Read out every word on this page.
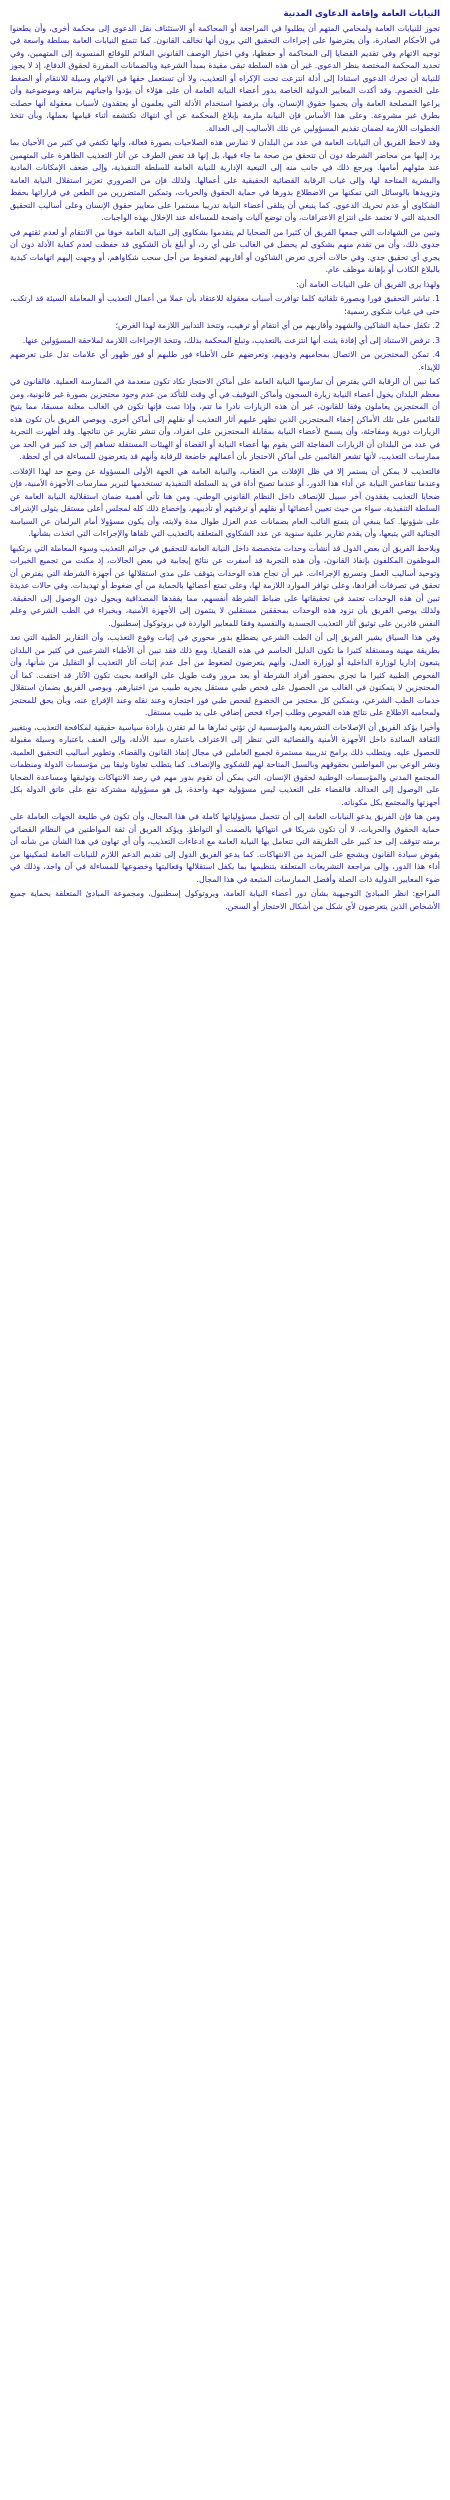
النيابات العامة وإقامة الدعاوى المدنية

تجوز للنيابات العامة ولمحامي المتهم أن يطلبوا في المراجعة أو المحاكمة أو الاستئناف نقل الدعوى إلى محكمة أخرى، وأن يطعنوا في الأحكام الصادرة، وأن يعترضوا على إجراءات التحقيق التي يرون أنها تخالف القانون. كما تتمتع النيابات العامة بسلطة واسعة في توجيه الاتهام وفي تقديم القضايا إلى المحاكمة أو حفظها، وفي اختيار الوصف القانوني الملائم للوقائع المنسوبة إلى المتهمين، وفي تحديد المحكمة المختصة بنظر الدعوى. غير أن هذه السلطة تبقى مقيدة بمبدأ الشرعية وبالضمانات المقررة لحقوق الدفاع، إذ لا يجوز للنيابة أن تحرك الدعوى استنادا إلى أدلة انتزعت تحت الإكراه أو التعذيب، ولا أن تستعمل حقها في الاتهام وسيلة للانتقام أو الضغط على الخصوم. وقد أكدت المعايير الدولية الخاصة بدور أعضاء النيابة العامة أن على هؤلاء أن يؤدوا واجباتهم بنزاهة وموضوعية وأن يراعوا المصلحة العامة وأن يحموا حقوق الإنسان، وأن يرفضوا استخدام الأدلة التي يعلمون أو يعتقدون لأسباب معقولة أنها حصلت بطرق غير مشروعة. وعلى هذا الأساس فإن النيابة ملزمة بإبلاغ المحكمة عن أي انتهاك تكتشفه أثناء قيامها بعملها، وبأن تتخذ الخطوات اللازمة لضمان تقديم المسؤولين عن تلك الأساليب إلى العدالة.

وقد لاحظ الفريق أن النيابات العامة في عدد من البلدان لا تمارس هذه الصلاحيات بصورة فعالة، وأنها تكتفي في كثير من الأحيان بما يرد إليها من محاضر الشرطة دون أن تتحقق من صحة ما جاء فيها، بل إنها قد تغض الطرف عن آثار التعذيب الظاهرة على المتهمين عند مثولهم أمامها. ويرجع ذلك في جانب منه إلى التبعية الإدارية للنيابة العامة للسلطة التنفيذية، وإلى ضعف الإمكانات المادية والبشرية المتاحة لها، وإلى غياب الرقابة القضائية الحقيقية على أعمالها. ولذلك فإن من الضروري تعزيز استقلال النيابة العامة وتزويدها بالوسائل التي تمكنها من الاضطلاع بدورها في حماية الحقوق والحريات، وتمكين المتضررين من الطعن في قراراتها بحفظ الشكاوى أو عدم تحريك الدعوى. كما ينبغي أن يتلقى أعضاء النيابة تدريبا مستمرا على معايير حقوق الإنسان وعلى أساليب التحقيق الحديثة التي لا تعتمد على انتزاع الاعترافات، وأن توضع آليات واضحة للمساءلة عند الإخلال بهذه الواجبات.

وتبين من الشهادات التي جمعها الفريق أن كثيرا من الضحايا لم يتقدموا بشكاوى إلى النيابة العامة خوفا من الانتقام أو لعدم ثقتهم في جدوى ذلك، وأن من تقدم منهم بشكوى لم يحصل في الغالب على أي رد، أو أبلغ بأن الشكوى قد حفظت لعدم كفاية الأدلة دون أن يجري أي تحقيق جدي. وفي حالات أخرى تعرض الشاكون أو أقاربهم لضغوط من أجل سحب شكاواهم، أو وجهت إليهم اتهامات كيدية بالبلاغ الكاذب أو بإهانة موظف عام.

ولهذا يرى الفريق أن على النيابات العامة أن:

1. تباشر التحقيق فورا وبصورة تلقائية كلما توافرت أسباب معقولة للاعتقاد بأن عملا من أعمال التعذيب أو المعاملة السيئة قد ارتكب، حتى في غياب شكوى رسمية؛

2. تكفل حماية الشاكين والشهود وأقاربهم من أي انتقام أو ترهيب، وتتخذ التدابير اللازمة لهذا الغرض؛

3. ترفض الاستناد إلى أي إفادة يثبت أنها انتزعت بالتعذيب، وتبلغ المحكمة بذلك، وتتخذ الإجراءات اللازمة لملاحقة المسؤولين عنها.

4. تمكن المحتجزين من الاتصال بمحاميهم وذويهم، وتعرضهم على الأطباء فور طلبهم أو فور ظهور أي علامات تدل على تعرضهم للإيذاء.

كما تبين أن الرقابة التي يفترض أن تمارسها النيابة العامة على أماكن الاحتجاز تكاد تكون منعدمة في الممارسة العملية. فالقانون في معظم البلدان يخول أعضاء النيابة زيارة السجون وأماكن التوقيف في أي وقت للتأكد من عدم وجود محتجزين بصورة غير قانونية، ومن أن المحتجزين يعاملون وفقا للقانون، غير أن هذه الزيارات نادرا ما تتم، وإذا تمت فإنها تكون في الغالب معلنة مسبقا، مما يتيح للقائمين على تلك الأماكن إخفاء المحتجزين الذين تظهر عليهم آثار التعذيب أو نقلهم إلى أماكن أخرى. ويوصي الفريق بأن تكون هذه الزيارات دورية ومفاجئة، وأن يسمح لأعضاء النيابة بمقابلة المحتجزين على انفراد، وأن تنشر تقارير عن نتائجها. وقد أظهرت التجربة في عدد من البلدان أن الزيارات المفاجئة التي يقوم بها أعضاء النيابة أو القضاة أو الهيئات المستقلة تساهم إلى حد كبير في الحد من ممارسات التعذيب، لأنها تشعر القائمين على أماكن الاحتجاز بأن أعمالهم خاضعة للرقابة وأنهم قد يتعرضون للمساءلة في أي لحظة.

فالتعذيب لا يمكن أن يستمر إلا في ظل الإفلات من العقاب، والنيابة العامة هي الجهة الأولى المسؤولة عن وضع حد لهذا الإفلات. وعندما تتقاعس النيابة عن أداء هذا الدور، أو عندما تصبح أداة في يد السلطة التنفيذية تستخدمها لتبرير ممارسات الأجهزة الأمنية، فإن ضحايا التعذيب يفقدون آخر سبيل للإنصاف داخل النظام القانوني الوطني. ومن هنا تأتي أهمية ضمان استقلالية النيابة العامة عن السلطة التنفيذية، سواء من حيث تعيين أعضائها أو نقلهم أو ترقيتهم أو تأديبهم، وإخضاع ذلك كله لمجلس أعلى مستقل يتولى الإشراف على شؤونها. كما ينبغي أن يتمتع النائب العام بضمانات عدم العزل طوال مدة ولايته، وأن يكون مسؤولا أمام البرلمان عن السياسة الجنائية التي يتبعها، وأن يقدم تقارير علنية سنوية عن عدد الشكاوى المتعلقة بالتعذيب التي تلقاها والإجراءات التي اتخذت بشأنها.

ويلاحظ الفريق أن بعض الدول قد أنشأت وحدات متخصصة داخل النيابة العامة للتحقيق في جرائم التعذيب وسوء المعاملة التي يرتكبها الموظفون المكلفون بإنفاذ القانون، وأن هذه التجربة قد أسفرت عن نتائج إيجابية في بعض الحالات، إذ مكنت من تجميع الخبرات وتوحيد أساليب العمل وتسريع الإجراءات. غير أن نجاح هذه الوحدات يتوقف على مدى استقلالها عن أجهزة الشرطة التي يفترض أن تحقق في تصرفات أفرادها، وعلى توافر الموارد اللازمة لها، وعلى تمتع أعضائها بالحماية من أي ضغوط أو تهديدات. وفي حالات عديدة تبين أن هذه الوحدات تعتمد في تحقيقاتها على ضباط الشرطة أنفسهم، مما يفقدها المصداقية ويحول دون الوصول إلى الحقيقة. ولذلك يوصي الفريق بأن تزود هذه الوحدات بمحققين مستقلين لا ينتمون إلى الأجهزة الأمنية، وبخبراء في الطب الشرعي وعلم النفس قادرين على توثيق آثار التعذيب الجسدية والنفسية وفقا للمعايير الواردة في بروتوكول إسطنبول.

وفي هذا السياق يشير الفريق إلى أن الطب الشرعي يضطلع بدور محوري في إثبات وقوع التعذيب، وأن التقارير الطبية التي تعد بطريقة مهنية ومستقلة كثيرا ما تكون الدليل الحاسم في هذه القضايا. ومع ذلك فقد تبين أن الأطباء الشرعيين في كثير من البلدان يتبعون إداريا لوزارة الداخلية أو لوزارة العدل، وأنهم يتعرضون لضغوط من أجل عدم إثبات آثار التعذيب أو التقليل من شأنها، وأن الفحوص الطبية كثيرا ما تجري بحضور أفراد الشرطة أو بعد مرور وقت طويل على الواقعة بحيث تكون الآثار قد اختفت. كما أن المحتجزين لا يتمكنون في الغالب من الحصول على فحص طبي مستقل يجريه طبيب من اختيارهم. ويوصي الفريق بضمان استقلال خدمات الطب الشرعي، وبتمكين كل محتجز من الخضوع لفحص طبي فور احتجازه وعند نقله وعند الإفراج عنه، وبأن يحق للمحتجز ولمحاميه الاطلاع على نتائج هذه الفحوص وطلب إجراء فحص إضافي على يد طبيب مستقل.

وأخيرا يؤكد الفريق أن الإصلاحات التشريعية والمؤسسية لن تؤتي ثمارها ما لم تقترن بإرادة سياسية حقيقية لمكافحة التعذيب، وبتغيير الثقافة السائدة داخل الأجهزة الأمنية والقضائية التي تنظر إلى الاعتراف باعتباره سيد الأدلة، وإلى العنف باعتباره وسيلة مقبولة للحصول عليه. ويتطلب ذلك برامج تدريبية مستمرة لجميع العاملين في مجال إنفاذ القانون والقضاء، وتطوير أساليب التحقيق العلمية، ونشر الوعي بين المواطنين بحقوقهم وبالسبل المتاحة لهم للشكوى والإنصاف. كما يتطلب تعاونا وثيقا بين مؤسسات الدولة ومنظمات المجتمع المدني والمؤسسات الوطنية لحقوق الإنسان، التي يمكن أن تقوم بدور مهم في رصد الانتهاكات وتوثيقها ومساعدة الضحايا على الوصول إلى العدالة. فالقضاء على التعذيب ليس مسؤولية جهة واحدة، بل هو مسؤولية مشتركة تقع على عاتق الدولة بكل أجهزتها والمجتمع بكل مكوناته.

ومن هنا فإن الفريق يدعو النيابات العامة إلى أن تتحمل مسؤولياتها كاملة في هذا المجال، وأن تكون في طليعة الجهات العاملة على حماية الحقوق والحريات، لا أن تكون شريكا في انتهاكها بالصمت أو التواطؤ. ويؤكد الفريق أن ثقة المواطنين في النظام القضائي برمته تتوقف إلى حد كبير على الطريقة التي تتعامل بها النيابة العامة مع ادعاءات التعذيب، وأن أي تهاون في هذا الشأن من شأنه أن يقوض سيادة القانون ويشجع على المزيد من الانتهاكات. كما يدعو الفريق الدول إلى تقديم الدعم اللازم للنيابات العامة لتمكينها من أداء هذا الدور، وإلى مراجعة التشريعات المتعلقة بتنظيمها بما يكفل استقلالها وفعاليتها وخضوعها للمساءلة في آن واحد، وذلك في ضوء المعايير الدولية ذات الصلة وأفضل الممارسات المتبعة في هذا المجال.

المراجع: انظر المبادئ التوجيهية بشأن دور أعضاء النيابة العامة، وبروتوكول إسطنبول، ومجموعة المبادئ المتعلقة بحماية جميع الأشخاص الذين يتعرضون لأي شكل من أشكال الاحتجاز أو السجن.
